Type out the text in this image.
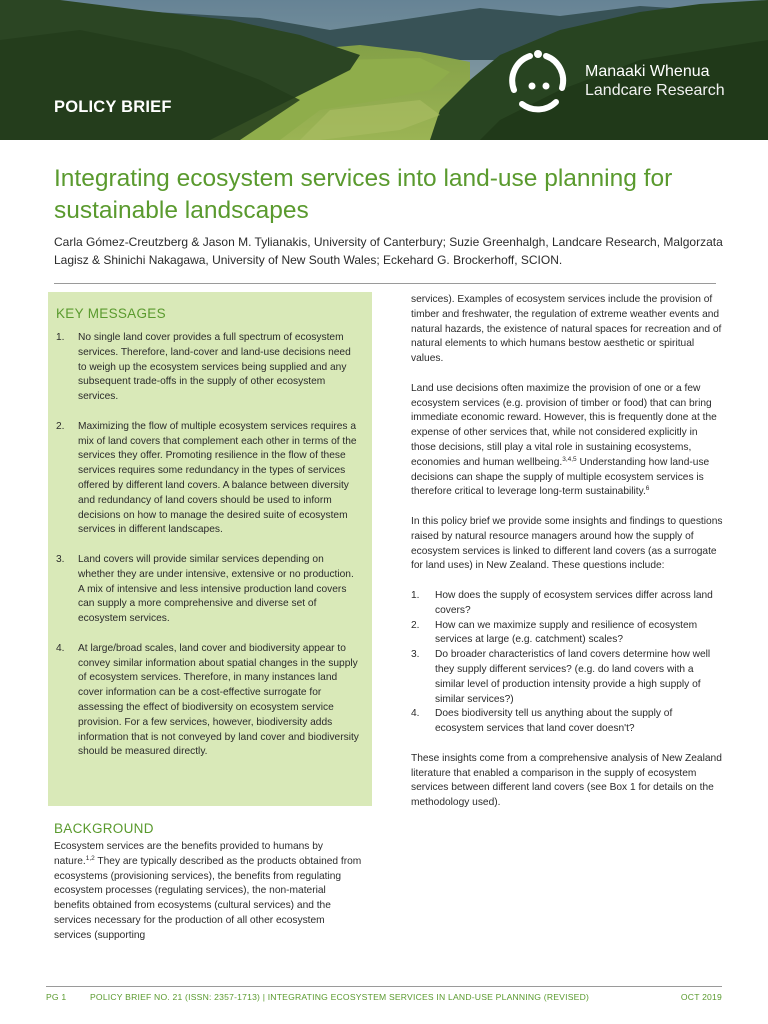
POLICY BRIEF
Manaaki Whenua
Landcare Research
Integrating ecosystem services into land-use planning for sustainable landscapes
Carla Gómez-Creutzberg & Jason M. Tylianakis, University of Canterbury; Suzie Greenhalgh, Landcare Research, Malgorzata Lagisz & Shinichi Nakagawa, University of New South Wales; Eckehard G. Brockerhoff, SCION.
KEY MESSAGES
1. No single land cover provides a full spectrum of ecosystem services. Therefore, land-cover and land-use decisions need to weigh up the ecosystem services being supplied and any subsequent trade-offs in the supply of other ecosystem services.
2. Maximizing the flow of multiple ecosystem services requires a mix of land covers that complement each other in terms of the services they offer. Promoting resilience in the flow of these services requires some redundancy in the types of services offered by different land covers. A balance between diversity and redundancy of land covers should be used to inform decisions on how to manage the desired suite of ecosystem services in different landscapes.
3. Land covers will provide similar services depending on whether they are under intensive, extensive or no production. A mix of intensive and less intensive production land covers can supply a more comprehensive and diverse set of ecosystem services.
4. At large/broad scales, land cover and biodiversity appear to convey similar information about spatial changes in the supply of ecosystem services. Therefore, in many instances land cover information can be a cost-effective surrogate for assessing the effect of biodiversity on ecosystem service provision. For a few services, however, biodiversity adds information that is not conveyed by land cover and biodiversity should be measured directly.
BACKGROUND

Ecosystem services are the benefits provided to humans by nature.$^{1,2}$ They are typically described as the products obtained from ecosystems (provisioning services), the benefits from regulating ecosystem processes (regulating services), the non-material benefits obtained from ecosystems (cultural services) and the services necessary for the production of all other ecosystem services (supporting

services). Examples of ecosystem services include the provision of timber and freshwater, the regulation of extreme weather events and natural hazards, the existence of natural spaces for recreation and of natural elements to which humans bestow aesthetic or spiritual values.

Land use decisions often maximize the provision of one or a few ecosystem services (e.g. provision of timber or food) that can bring immediate economic reward. However, this is frequently done at the expense of other services that, while not considered explicitly in those decisions, still play a vital role in sustaining ecosystems, economies and human wellbeing.$^{3,4,5}$ Understanding how land-use decisions can shape the supply of multiple ecosystem services is therefore critical to leverage long-term sustainability.$^6$

In this policy brief we provide some insights and findings to questions raised by natural resource managers around how the supply of ecosystem services is linked to different land covers (as a surrogate for land uses) in New Zealand. These questions include:

1. How does the supply of ecosystem services differ across land covers?
2. How can we maximize supply and resilience of ecosystem services at large (e.g. catchment) scales?
3. Do broader characteristics of land covers determine how well they supply different services? (e.g. do land covers with a similar level of production intensity provide a high supply of similar services?)
4. Does biodiversity tell us anything about the supply of ecosystem services that land cover doesn't?

These insights come from a comprehensive analysis of New Zealand literature that enabled a comparison in the supply of ecosystem services between different land covers (see Box 1 for details on the methodology used).

PG 1	POLICY BRIEF NO. 21 (ISSN: 2357-1713) | INTEGRATING ECOSYSTEM SERVICES IN LAND-USE PLANNING (REVISED)	OCT 2019
